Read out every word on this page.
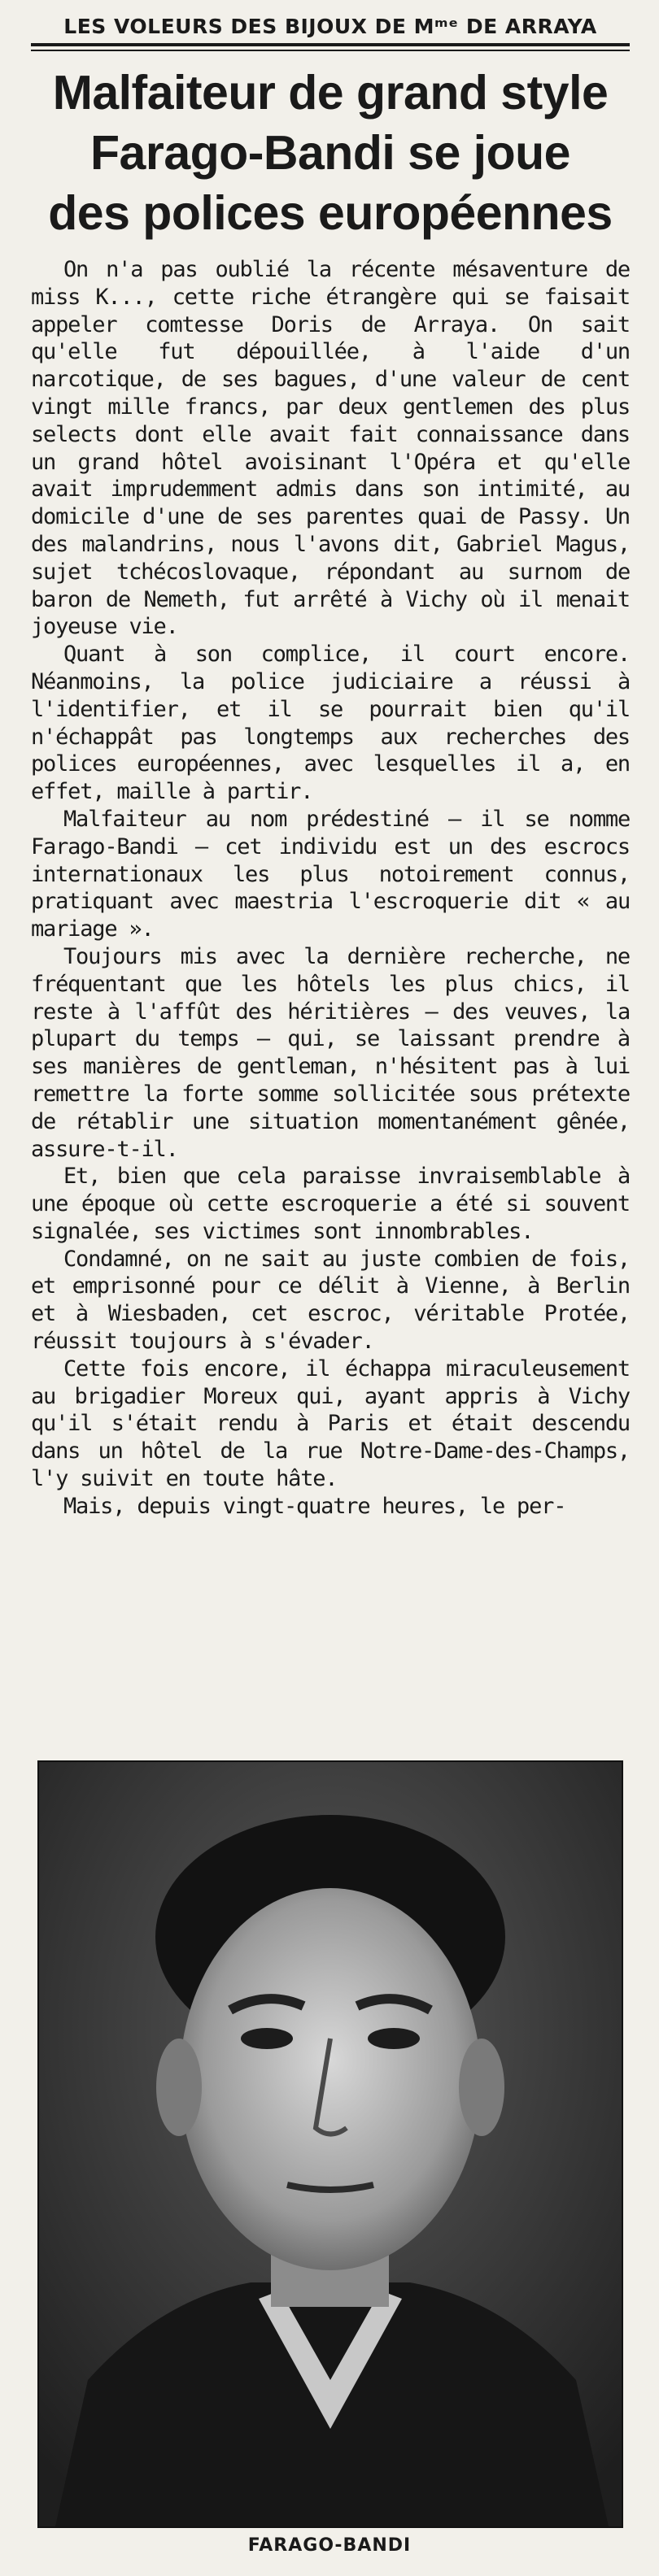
LES VOLEURS DES BIJOUX DE Mᵐᵉ DE ARRAYA
Malfaiteur de grand style
Farago-Bandi se joue
des polices européennes

On n'a pas oublié la récente mésaventure de miss K..., cette riche étrangère qui se faisait appeler comtesse Doris de Arraya. On sait qu'elle fut dépouillée, à l'aide d'un narcotique, de ses bagues, d'une valeur de cent vingt mille francs, par deux gentlemen des plus selects dont elle avait fait connaissance dans un grand hôtel avoisinant l'Opéra et qu'elle avait imprudemment admis dans son intimité, au domicile d'une de ses parentes quai de Passy. Un des malandrins, nous l'avons dit, Gabriel Magus, sujet tchécoslovaque, répondant au surnom de baron de Nemeth, fut arrêté à Vichy où il menait joyeuse vie.

Quant à son complice, il court encore. Néanmoins, la police judiciaire a réussi à l'identifier, et il se pourrait bien qu'il n'échappât pas longtemps aux recherches des polices européennes, avec lesquelles il a, en effet, maille à partir.

Malfaiteur au nom prédestiné — il se nomme Farago-Bandi — cet individu est un des escrocs internationaux les plus notoirement connus, pratiquant avec maestria l'escroquerie dit « au mariage ».

Toujours mis avec la dernière recherche, ne fréquentant que les hôtels les plus chics, il reste à l'affût des héritières — des veuves, la plupart du temps — qui, se laissant prendre à ses manières de gentleman, n'hésitent pas à lui remettre la forte somme sollicitée sous prétexte de rétablir une situation momentanément gênée, assure-t-il.

Et, bien que cela paraisse invraisemblable à une époque où cette escroquerie a été si souvent signalée, ses victimes sont innombrables.

Condamné, on ne sait au juste combien de fois, et emprisonné pour ce délit à Vienne, à Berlin et à Wiesbaden, cet escroc, véritable Protée, réussit toujours à s'évader.

Cette fois encore, il échappa miraculeusement au brigadier Moreux qui, ayant appris à Vichy qu'il s'était rendu à Paris et était descendu dans un hôtel de la rue Notre-Dame-des-Champs, l'y suivit en toute hâte.

Mais, depuis vingt-quatre heures, le per-

FARAGO-BANDI
